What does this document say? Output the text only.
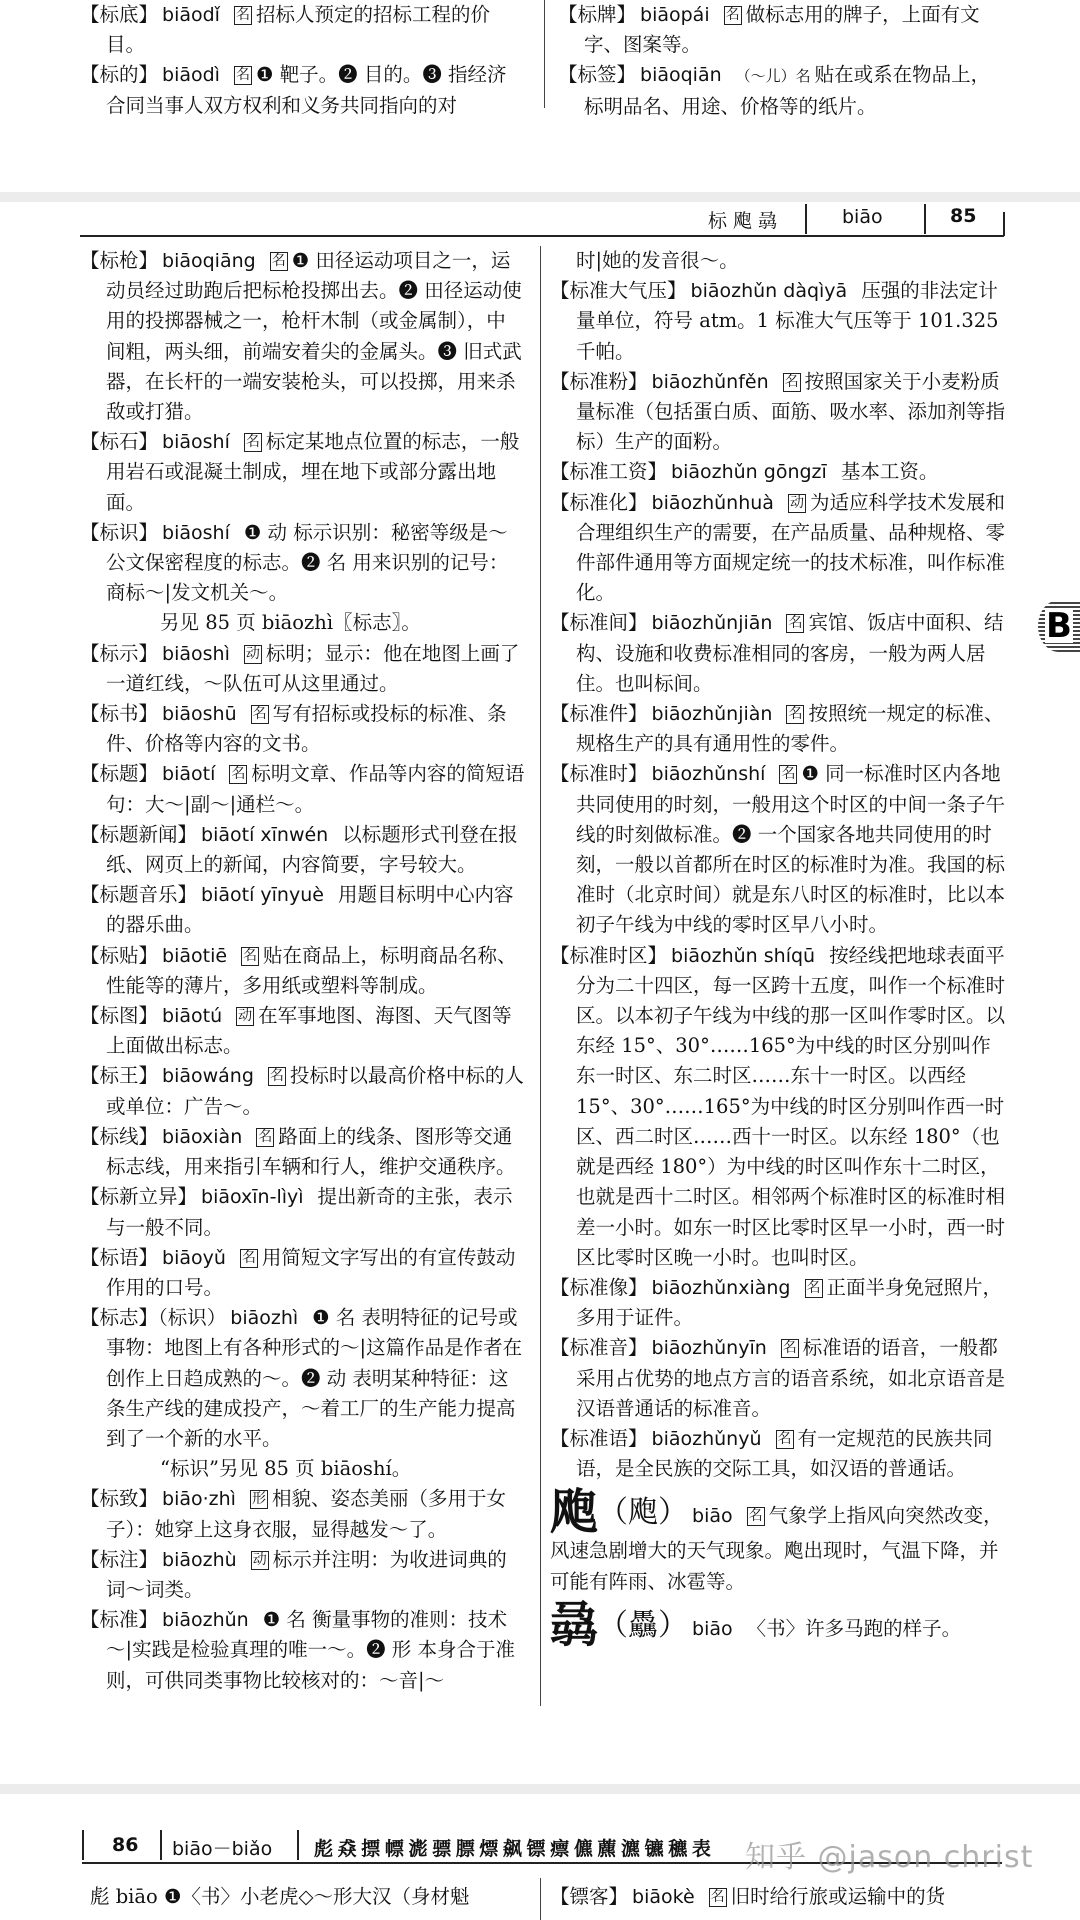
【标底】 biāodǐ 名 招标人预定的招标工程的价目。

【标的】 biāodì 名 ❶ 靶子。❷ 目的。❸ 指经济合同当事人双方权利和义务共同指向的对

【标牌】 biāopái 名 做标志用的牌子，上面有文字、图案等。

【标签】 biāoqiān （～儿）名 贴在或系在物品上，标明品名、用途、价格等的纸片。

标 飑 骉	biāo	85
B

【标枪】 biāoqiāng 名 ❶ 田径运动项目之一，运动员经过助跑后把标枪投掷出去。❷ 田径运动使用的投掷器械之一，枪杆木制（或金属制），中间粗，两头细，前端安着尖的金属头。❸ 旧式武器，在长杆的一端安装枪头，可以投掷，用来杀敌或打猎。

【标石】 biāoshí 名 标定某地点位置的标志，一般用岩石或混凝土制成，埋在地下或部分露出地面。

【标识】 biāoshí ❶ 动 标示识别：秘密等级是～公文保密程度的标志。❷ 名 用来识别的记号：商标～|发文机关～。

另见 85 页 biāozhì〖标志〗。

【标示】 biāoshì 动 标明；显示：他在地图上画了一道红线，～队伍可从这里通过。

【标书】 biāoshū 名 写有招标或投标的标准、条件、价格等内容的文书。

【标题】 biāotí 名 标明文章、作品等内容的简短语句：大～|副～|通栏～。

【标题新闻】 biāotí xīnwén 以标题形式刊登在报纸、网页上的新闻，内容简要，字号较大。

【标题音乐】 biāotí yīnyuè 用题目标明中心内容的器乐曲。

【标贴】 biāotiē 名 贴在商品上，标明商品名称、性能等的薄片，多用纸或塑料等制成。

【标图】 biāotú 动 在军事地图、海图、天气图等上面做出标志。

【标王】 biāowáng 名 投标时以最高价格中标的人或单位：广告～。

【标线】 biāoxiàn 名 路面上的线条、图形等交通标志线，用来指引车辆和行人，维护交通秩序。

【标新立异】 biāoxīn-lìyì 提出新奇的主张，表示与一般不同。

【标语】 biāoyǔ 名 用简短文字写出的有宣传鼓动作用的口号。

【标志】（标识） biāozhì ❶ 名 表明特征的记号或事物：地图上有各种形式的～|这篇作品是作者在创作上日趋成熟的～。❷ 动 表明某种特征：这条生产线的建成投产，～着工厂的生产能力提高到了一个新的水平。

“标识”另见 85 页 biāoshí。

【标致】 biāo·zhì 形 相貌、姿态美丽（多用于女子）：她穿上这身衣服，显得越发～了。

【标注】 biāozhù 动 标示并注明：为收进词典的词～词类。

【标准】 biāozhǔn ❶ 名 衡量事物的准则：技术～|实践是检验真理的唯一～。❷ 形 本身合于准则，可供同类事物比较核对的：～音|～

时|她的发音很～。

【标准大气压】 biāozhǔn dàqìyā 压强的非法定计量单位，符号 atm。1 标准大气压等于 101.325 千帕。

【标准粉】 biāozhǔnfěn 名 按照国家关于小麦粉质量标准（包括蛋白质、面筋、吸水率、添加剂等指标）生产的面粉。

【标准工资】 biāozhǔn gōngzī 基本工资。

【标准化】 biāozhǔnhuà 动 为适应科学技术发展和合理组织生产的需要，在产品质量、品种规格、零件部件通用等方面规定统一的技术标准，叫作标准化。

【标准间】 biāozhǔnjiān 名 宾馆、饭店中面积、结构、设施和收费标准相同的客房，一般为两人居住。也叫标间。

【标准件】 biāozhǔnjiàn 名 按照统一规定的标准、规格生产的具有通用性的零件。

【标准时】 biāozhǔnshí 名 ❶ 同一标准时区内各地共同使用的时刻，一般用这个时区的中间一条子午线的时刻做标准。❷ 一个国家各地共同使用的时刻，一般以首都所在时区的标准时为准。我国的标准时（北京时间）就是东八时区的标准时，比以本初子午线为中线的零时区早八小时。

【标准时区】 biāozhǔn shíqū 按经线把地球表面平分为二十四区，每一区跨十五度，叫作一个标准时区。以本初子午线为中线的那一区叫作零时区。以东经 15°、30°……165°为中线的时区分别叫作东一时区、东二时区……东十一时区。以西经 15°、30°……165°为中线的时区分别叫作西一时区、西二时区……西十一时区。以东经 180°（也就是西经 180°）为中线的时区叫作东十二时区，也就是西十二时区。相邻两个标准时区的标准时相差一小时。如东一时区比零时区早一小时，西一时区比零时区晚一小时。也叫时区。

【标准像】 biāozhǔnxiàng 名 正面半身免冠照片，多用于证件。

【标准音】 biāozhǔnyīn 名 标准语的语音，一般都采用占优势的地点方言的语音系统，如北京语音是汉语普通话的标准音。

【标准语】 biāozhǔnyǔ 名 有一定规范的民族共同语，是全民族的交际工具，如汉语的普通话。

飑（飑） biāo 名 气象学上指风向突然改变，风速急剧增大的天气现象。飑出现时，气温下降，并可能有阵雨、冰雹等。

骉（驫） biāo 〈书〉许多马跑的样子。

86 biāo－biǎo 彪 猋 摽 幖 滮 骠 膘 熛 飙 镖 瘭 儦 藨 瀌 镳 穮 表
彪 biāo ❶〈书〉小老虎◇～形大汉（身材魁	【镖客】 biāokè 名 旧时给行旅或运输中的货
知乎 @jason christ
